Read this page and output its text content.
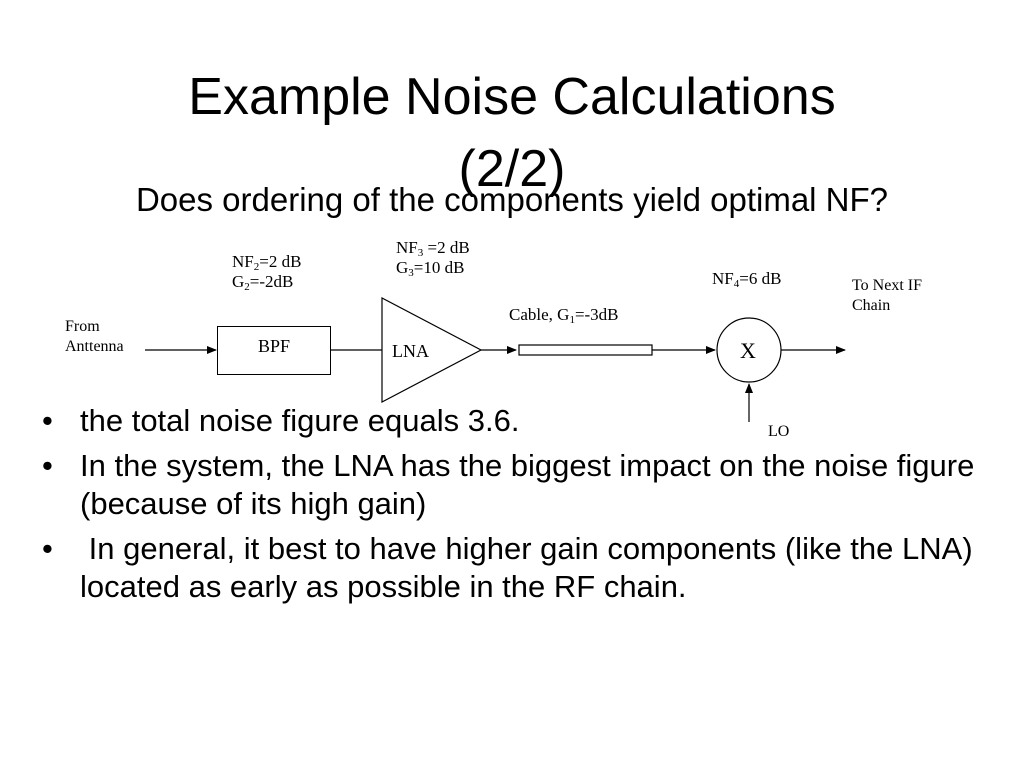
Example Noise Calculations
(2/2)
Does ordering of the components yield optimal NF?
From
Anttenna
$NF_2=2$ dB
$G_2=-2dB$
BPF
$NF_3 =2$ dB
$G_3=10$ dB
LNA
Cable, $G_1=-3dB$
$NF_4=6$ dB
X
LO
To Next IF
Chain
• the total noise figure equals 3.6.
• In the system, the LNA has the biggest impact on the noise figure (because of its high gain)
• In general, it best to have higher gain components (like the LNA) located as early as possible in the RF chain.
